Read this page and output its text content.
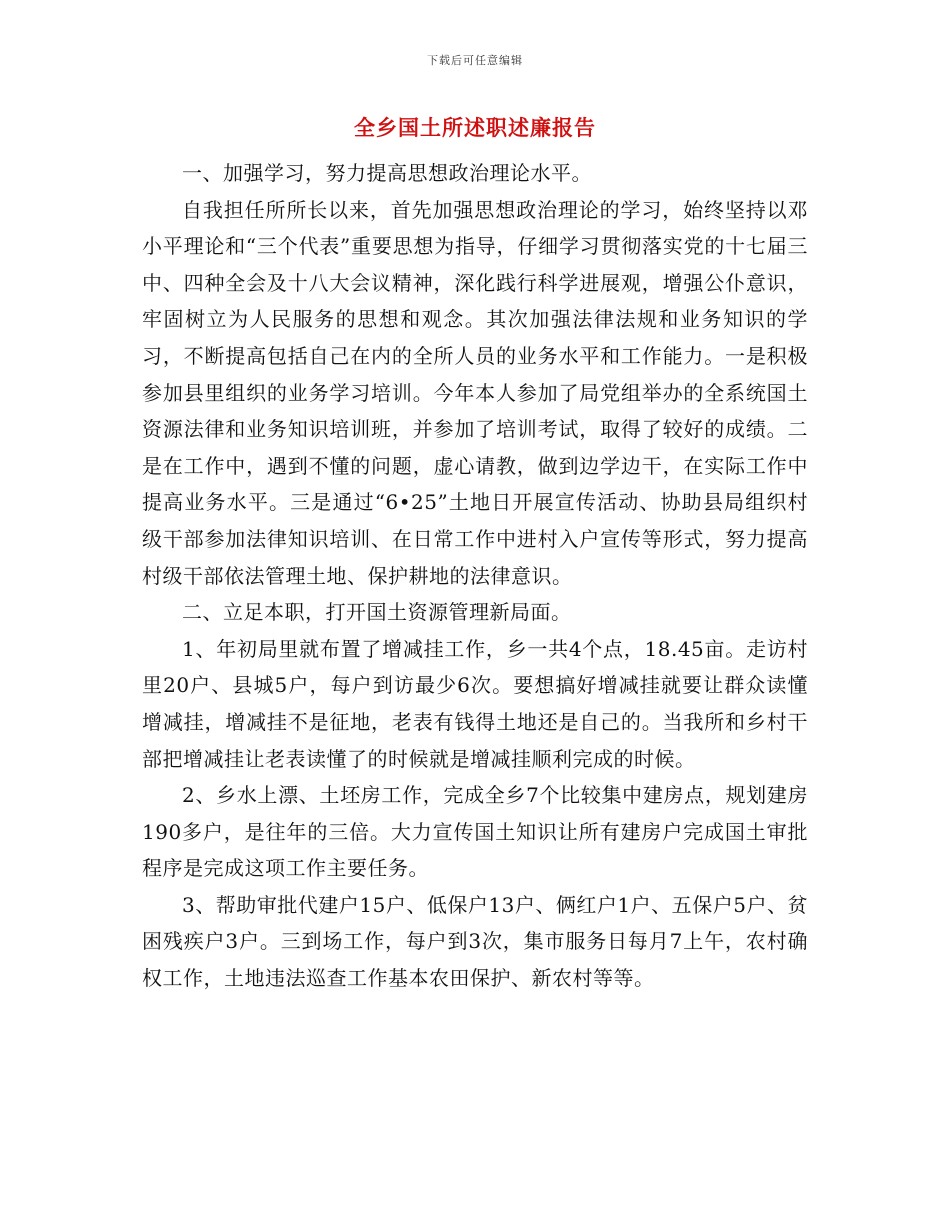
下载后可任意编辑
全乡国土所述职述廉报告

一、加强学习，努力提高思想政治理论水平。

自我担任所所长以来，首先加强思想政治理论的学习，始终坚持以邓小平理论和“三个代表”重要思想为指导，仔细学习贯彻落实党的十七届三中、四种全会及十八大会议精神，深化践行科学进展观，增强公仆意识，牢固树立为人民服务的思想和观念。其次加强法律法规和业务知识的学习，不断提高包括自己在内的全所人员的业务水平和工作能力。一是积极参加县里组织的业务学习培训。今年本人参加了局党组举办的全系统国土资源法律和业务知识培训班，并参加了培训考试，取得了较好的成绩。二是在工作中，遇到不懂的问题，虚心请教，做到边学边干，在实际工作中提高业务水平。三是通过“6•25”土地日开展宣传活动、协助县局组织村级干部参加法律知识培训、在日常工作中进村入户宣传等形式，努力提高村级干部依法管理土地、保护耕地的法律意识。

二、立足本职，打开国土资源管理新局面。

1、年初局里就布置了增减挂工作，乡一共4个点，18.45亩。走访村里20户、县城5户，每户到访最少6次。要想搞好增减挂就要让群众读懂增减挂，增减挂不是征地，老表有钱得土地还是自己的。当我所和乡村干部把增减挂让老表读懂了的时候就是增减挂顺利完成的时候。

2、乡水上漂、土坯房工作，完成全乡7个比较集中建房点，规划建房190多户，是往年的三倍。大力宣传国土知识让所有建房户完成国土审批程序是完成这项工作主要任务。

3、帮助审批代建户15户、低保户13户、俩红户1户、五保户5户、贫困残疾户3户。三到场工作，每户到3次，集市服务日每月7上午，农村确权工作，土地违法巡查工作基本农田保护、新农村等等。
